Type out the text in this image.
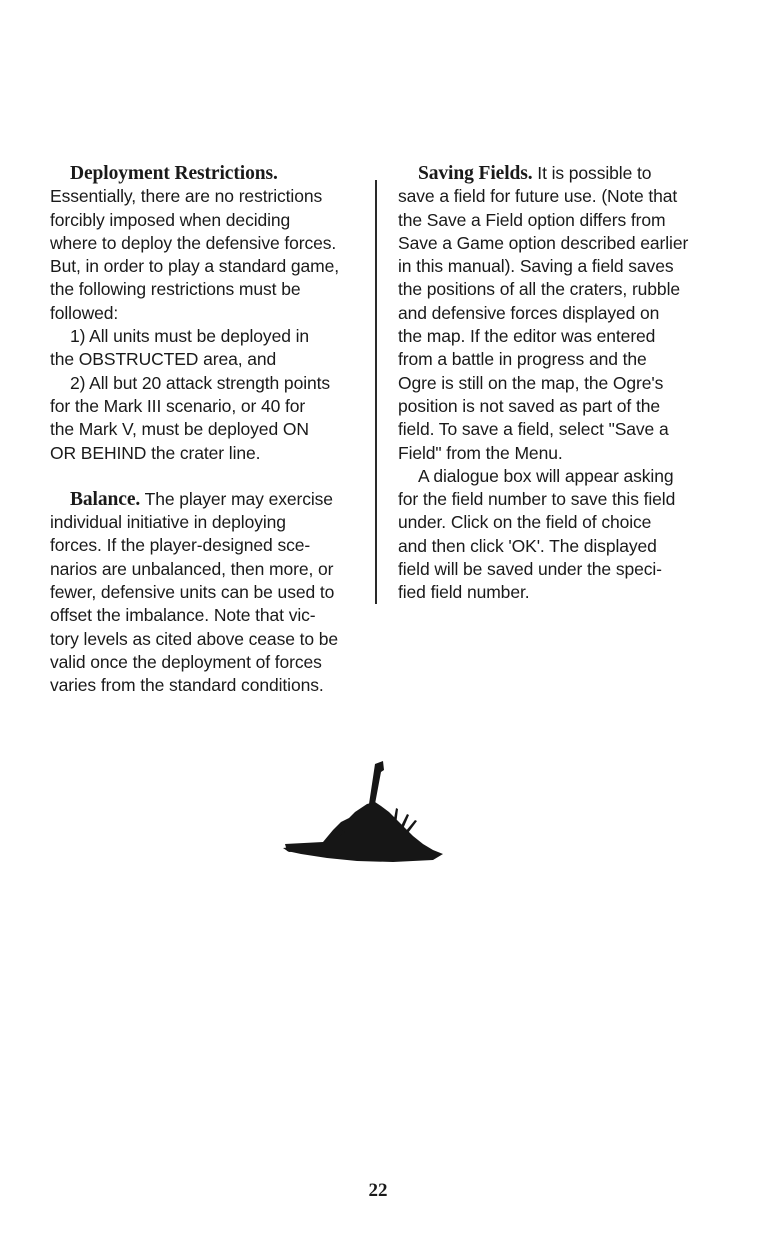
Deployment Restrictions.
Essentially, there are no restrictions
forcibly imposed when deciding
where to deploy the defensive forces.
But, in order to play a standard game,
the following restrictions must be
followed:
1) All units must be deployed in
the OBSTRUCTED area, and
2) All but 20 attack strength points
for the Mark III scenario, or 40 for
the Mark V, must be deployed ON
OR BEHIND the crater line.
Balance. The player may exercise
individual initiative in deploying
forces. If the player-designed sce-
narios are unbalanced, then more, or
fewer, defensive units can be used to
offset the imbalance. Note that vic-
tory levels as cited above cease to be
valid once the deployment of forces
varies from the standard conditions.
Saving Fields. It is possible to
save a field for future use. (Note that
the Save a Field option differs from
Save a Game option described earlier
in this manual). Saving a field saves
the positions of all the craters, rubble
and defensive forces displayed on
the map. If the editor was entered
from a battle in progress and the
Ogre is still on the map, the Ogre's
position is not saved as part of the
field. To save a field, select "Save a
Field" from the Menu.
A dialogue box will appear asking
for the field number to save this field
under. Click on the field of choice
and then click 'OK'. The displayed
field will be saved under the speci-
fied field number.
22
